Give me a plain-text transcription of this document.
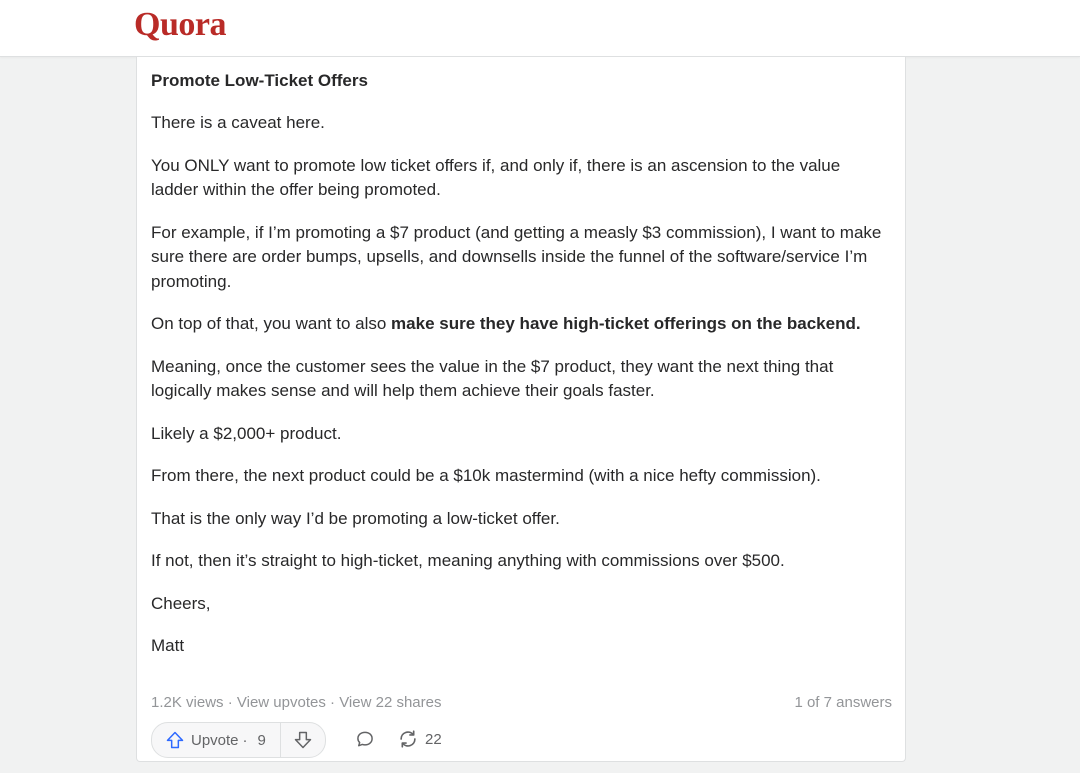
Quora

Promote Low-Ticket Offers

There is a caveat here.

You ONLY want to promote low ticket offers if, and only if, there is an ascension to the value ladder within the offer being promoted.

For example, if I’m promoting a $7 product (and getting a measly $3 commission), I want to make sure there are order bumps, upsells, and downsells inside the funnel of the software/service I’m promoting.

On top of that, you want to also make sure they have high-ticket offerings on the backend.

Meaning, once the customer sees the value in the $7 product, they want the next thing that logically makes sense and will help them achieve their goals faster.

Likely a $2,000+ product.

From there, the next product could be a $10k mastermind (with a nice hefty commission).

That is the only way I’d be promoting a low-ticket offer.

If not, then it’s straight to high-ticket, meaning anything with commissions over $500.

Cheers,

Matt

1.2K views · View upvotes · View 22 shares	1 of 7 answers
Upvote · 9	22
